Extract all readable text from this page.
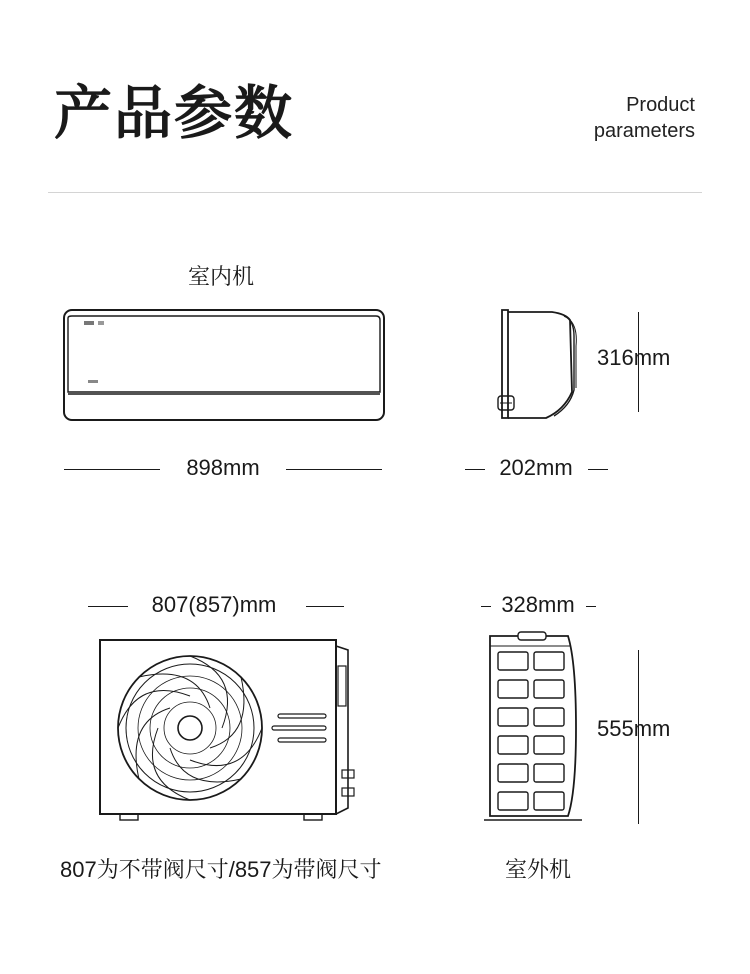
产品参数	Product
parameters
室内机
316mm
898mm	202mm
807(857)mm	328mm
555mm
807为不带阀尺寸/857为带阀尺寸	室外机
